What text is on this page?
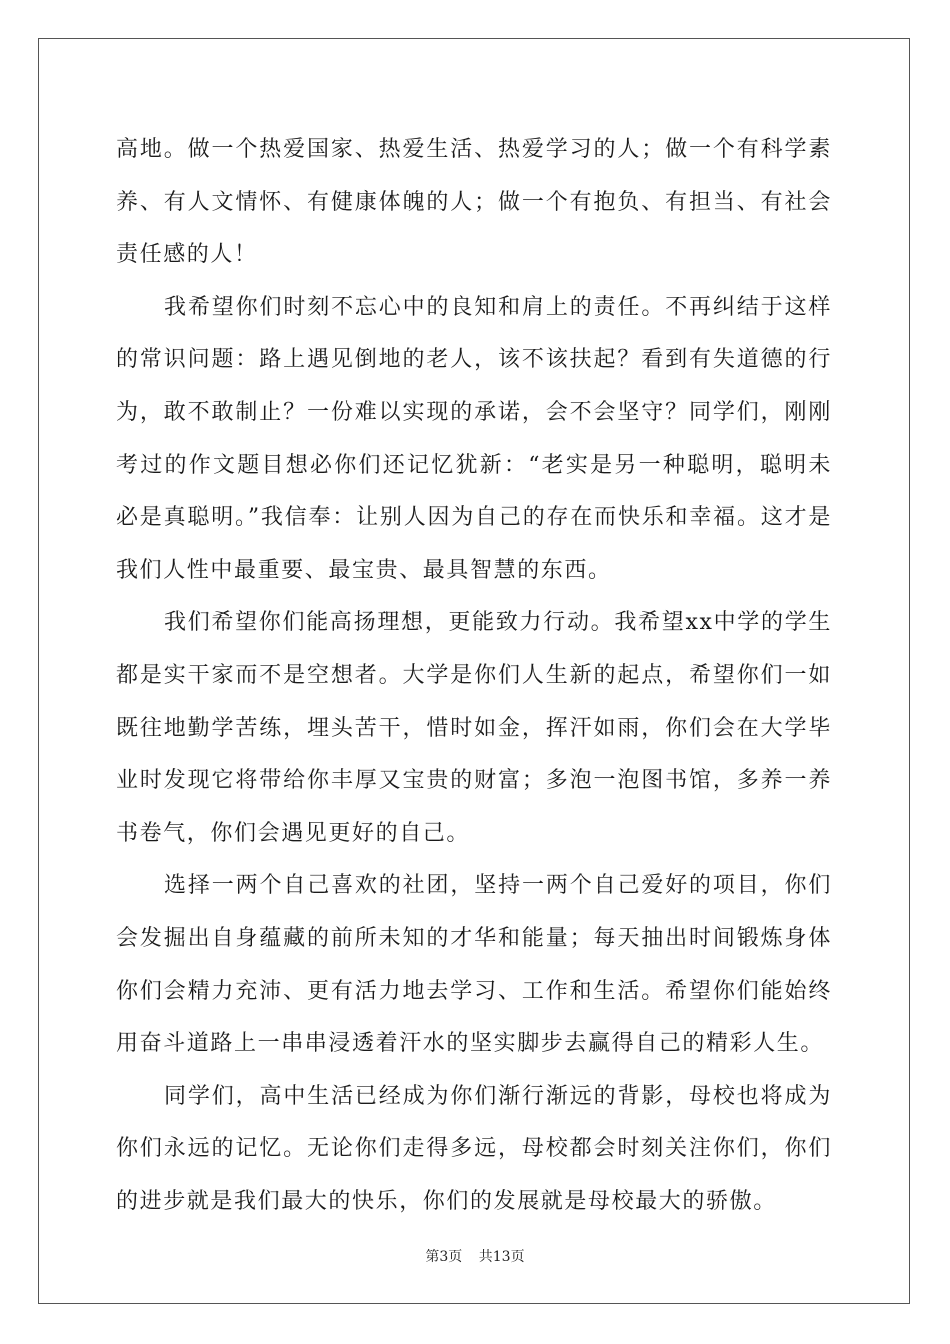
高地。做一个热爱国家、热爱生活、热爱学习的人；做一个有科学素养、有人文情怀、有健康体魄的人；做一个有抱负、有担当、有社会责任感的人！

我希望你们时刻不忘心中的良知和肩上的责任。不再纠结于这样的常识问题：路上遇见倒地的老人，该不该扶起？看到有失道德的行为，敢不敢制止？一份难以实现的承诺，会不会坚守？同学们，刚刚考过的作文题目想必你们还记忆犹新：“老实是另一种聪明，聪明未必是真聪明。”我信奉：让别人因为自己的存在而快乐和幸福。这才是我们人性中最重要、最宝贵、最具智慧的东西。

我们希望你们能高扬理想，更能致力行动。我希望xx中学的学生都是实干家而不是空想者。大学是你们人生新的起点，希望你们一如既往地勤学苦练，埋头苦干，惜时如金，挥汗如雨，你们会在大学毕业时发现它将带给你丰厚又宝贵的财富；多泡一泡图书馆，多养一养书卷气，你们会遇见更好的自己。

选择一两个自己喜欢的社团，坚持一两个自己爱好的项目，你们会发掘出自身蕴藏的前所未知的才华和能量；每天抽出时间锻炼身体你们会精力充沛、更有活力地去学习、工作和生活。希望你们能始终用奋斗道路上一串串浸透着汗水的坚实脚步去赢得自己的精彩人生。

同学们，高中生活已经成为你们渐行渐远的背影，母校也将成为你们永远的记忆。无论你们走得多远，母校都会时刻关注你们，你们的进步就是我们最大的快乐，你们的发展就是母校最大的骄傲。

第3页 共13页
